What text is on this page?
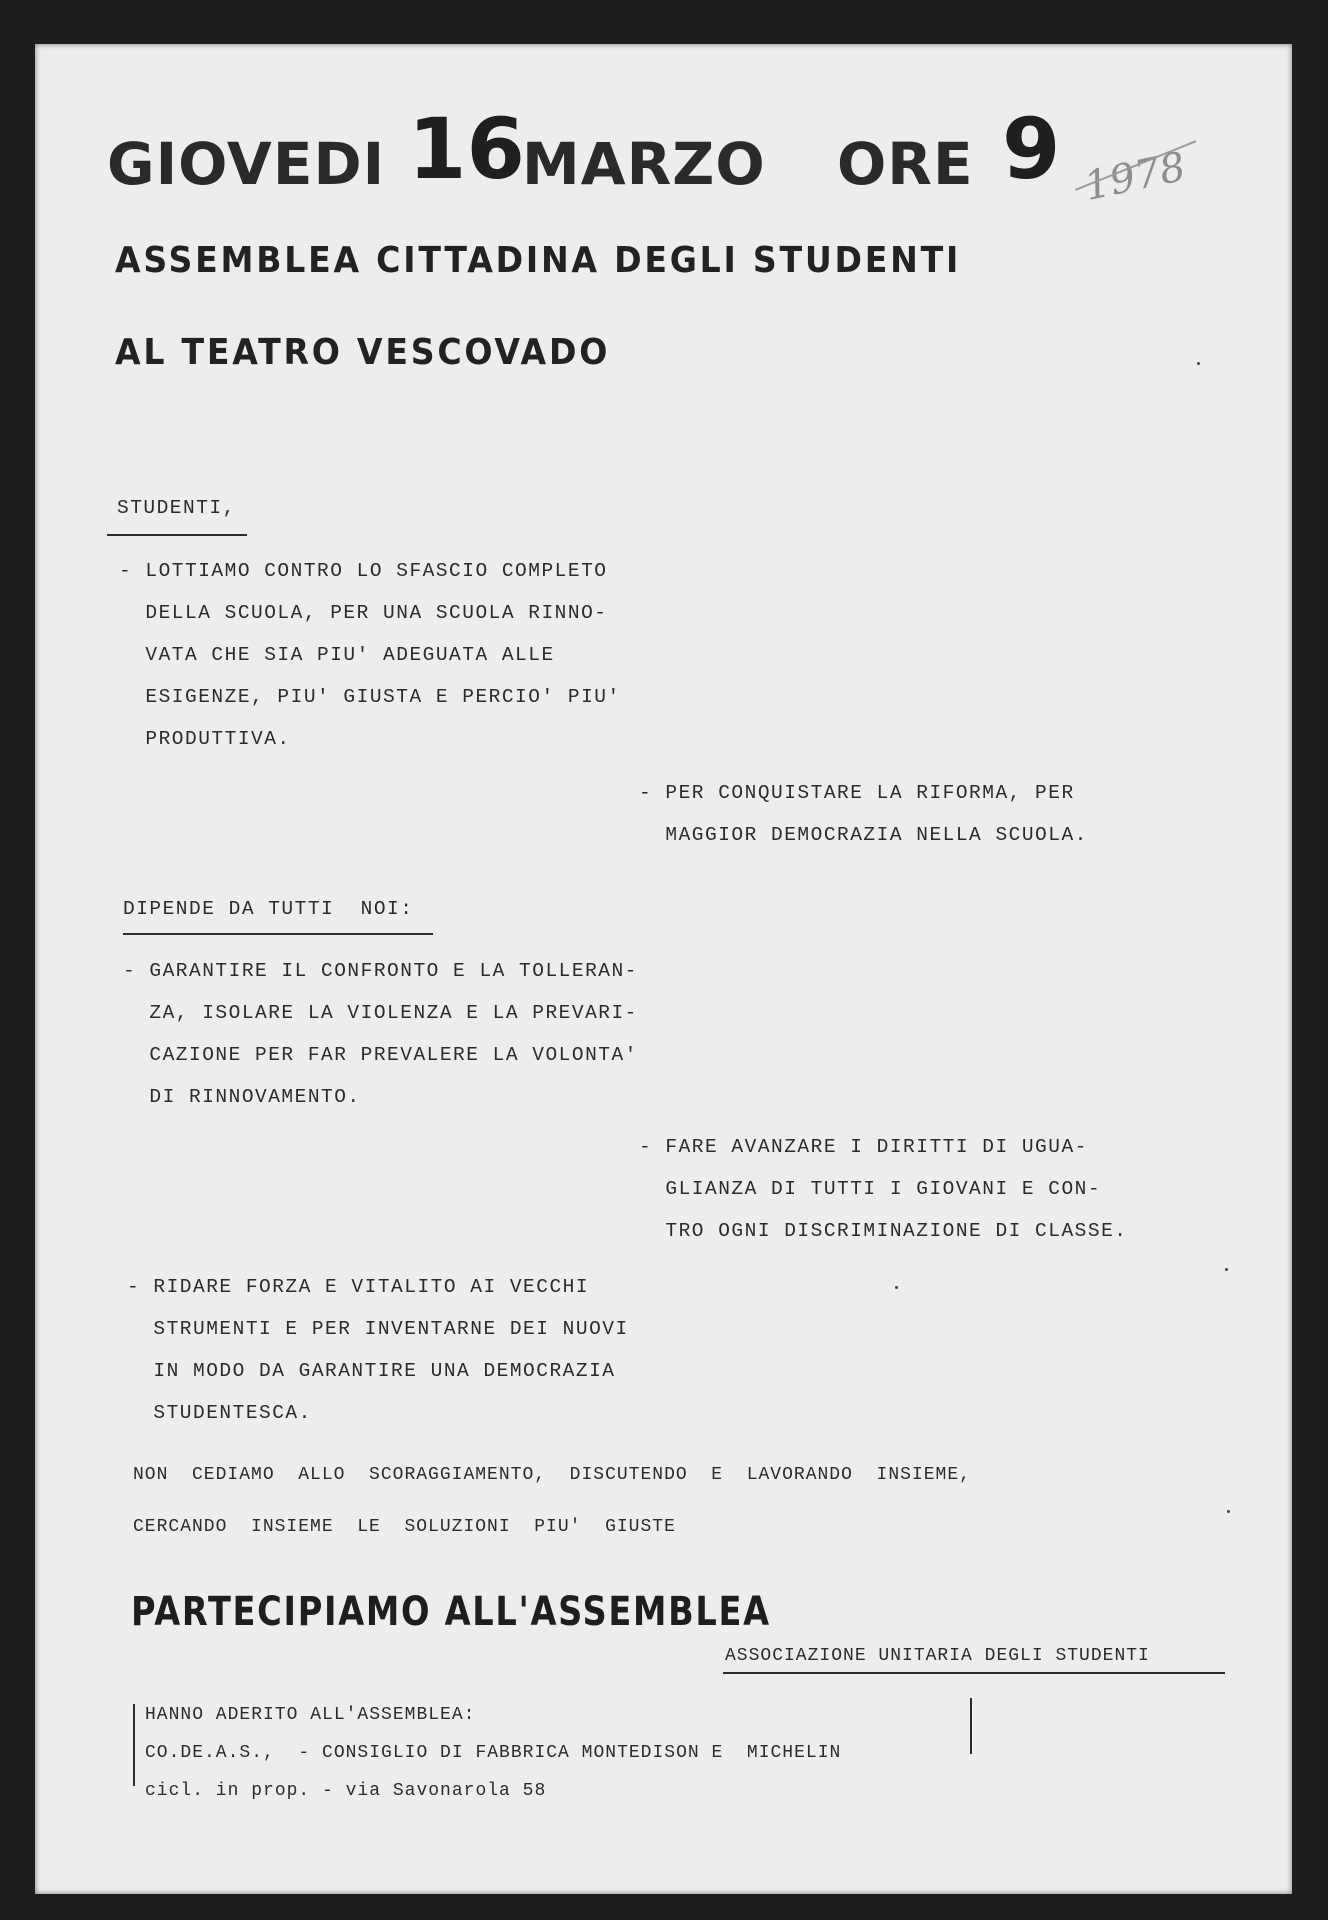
GIOVEDI 16
MARZO ORE 9 1978
ASSEMBLEA CITTADINA DEGLI STUDENTI
AL TEATRO VESCOVADO
STUDENTI,
- LOTTIAMO CONTRO LO SFASCIO COMPLETO
DELLA SCUOLA, PER UNA SCUOLA RINNO-
VATA CHE SIA PIU' ADEGUATA ALLE
ESIGENZE, PIU' GIUSTA E PERCIO' PIU'
PRODUTTIVA.
- PER CONQUISTARE LA RIFORMA, PER
MAGGIOR DEMOCRAZIA NELLA SCUOLA.
DIPENDE DA TUTTI  NOI:
- GARANTIRE IL CONFRONTO E LA TOLLERAN-
ZA, ISOLARE LA VIOLENZA E LA PREVARI-
CAZIONE PER FAR PREVALERE LA VOLONTA'
DI RINNOVAMENTO.
- FARE AVANZARE I DIRITTI DI UGUA-
GLIANZA DI TUTTI I GIOVANI E CON-
TRO OGNI DISCRIMINAZIONE DI CLASSE.
- RIDARE FORZA E VITALITO AI VECCHI
STRUMENTI E PER INVENTARNE DEI NUOVI
IN MODO DA GARANTIRE UNA DEMOCRAZIA
STUDENTESCA.
NON  CEDIAMO  ALLO  SCORAGGIAMENTO,  DISCUTENDO  E  LAVORANDO  INSIEME,
CERCANDO  INSIEME  LE  SOLUZIONI  PIU'  GIUSTE
PARTECIPIAMO ALL'ASSEMBLEA
ASSOCIAZIONE UNITARIA DEGLI STUDENTI
HANNO ADERITO ALL'ASSEMBLEA:
CO.DE.A.S.,  - CONSIGLIO DI FABBRICA MONTEDISON E  MICHELIN
cicl. in prop. - via Savonarola 58
